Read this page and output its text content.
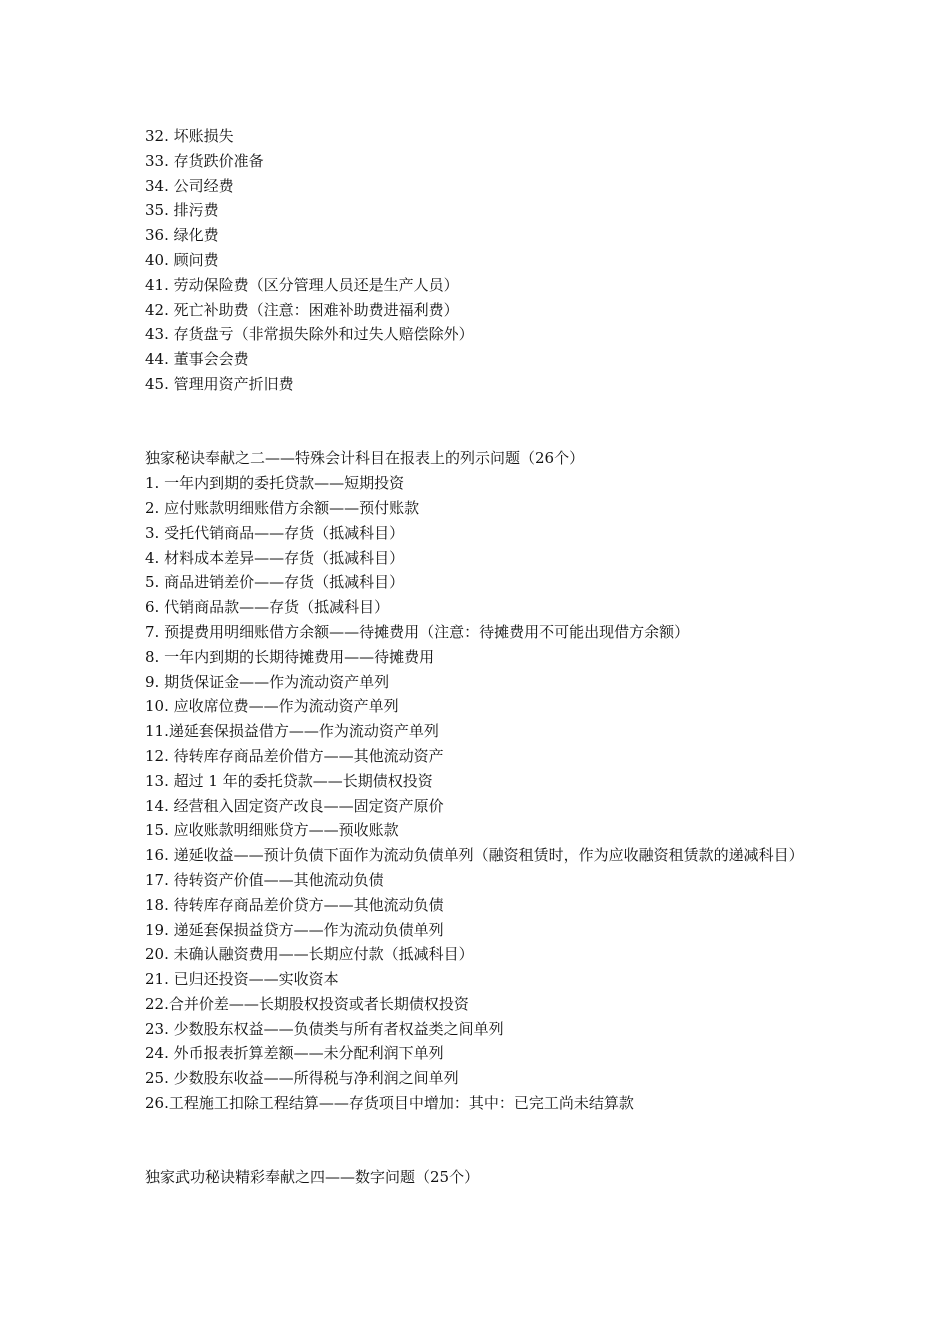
32. 坏账损失
33. 存货跌价准备
34. 公司经费
35. 排污费
36. 绿化费
40. 顾问费
41. 劳动保险费（区分管理人员还是生产人员）
42. 死亡补助费（注意：困难补助费进福利费）
43. 存货盘亏（非常损失除外和过失人赔偿除外）
44. 董事会会费
45. 管理用资产折旧费
独家秘诀奉献之二——特殊会计科目在报表上的列示问题（26个）
1. 一年内到期的委托贷款——短期投资
2. 应付账款明细账借方余额——预付账款
3. 受托代销商品——存货（抵减科目）
4. 材料成本差异——存货（抵减科目）
5. 商品进销差价——存货（抵减科目）
6. 代销商品款——存货（抵减科目）
7. 预提费用明细账借方余额——待摊费用（注意：待摊费用不可能出现借方余额）
8. 一年内到期的长期待摊费用——待摊费用
9. 期货保证金——作为流动资产单列
10. 应收席位费——作为流动资产单列
11.递延套保损益借方——作为流动资产单列
12. 待转库存商品差价借方——其他流动资产
13. 超过 1 年的委托贷款——长期债权投资
14. 经营租入固定资产改良——固定资产原价
15. 应收账款明细账贷方——预收账款
16. 递延收益——预计负债下面作为流动负债单列（融资租赁时，作为应收融资租赁款的递减科目）
17. 待转资产价值——其他流动负债
18. 待转库存商品差价贷方——其他流动负债
19. 递延套保损益贷方——作为流动负债单列
20. 未确认融资费用——长期应付款（抵减科目）
21. 已归还投资——实收资本
22.合并价差——长期股权投资或者长期债权投资
23. 少数股东权益——负债类与所有者权益类之间单列
24. 外币报表折算差额——未分配利润下单列
25. 少数股东收益——所得税与净利润之间单列
26.工程施工扣除工程结算——存货项目中增加：其中：已完工尚未结算款
独家武功秘诀精彩奉献之四——数字问题（25个）
